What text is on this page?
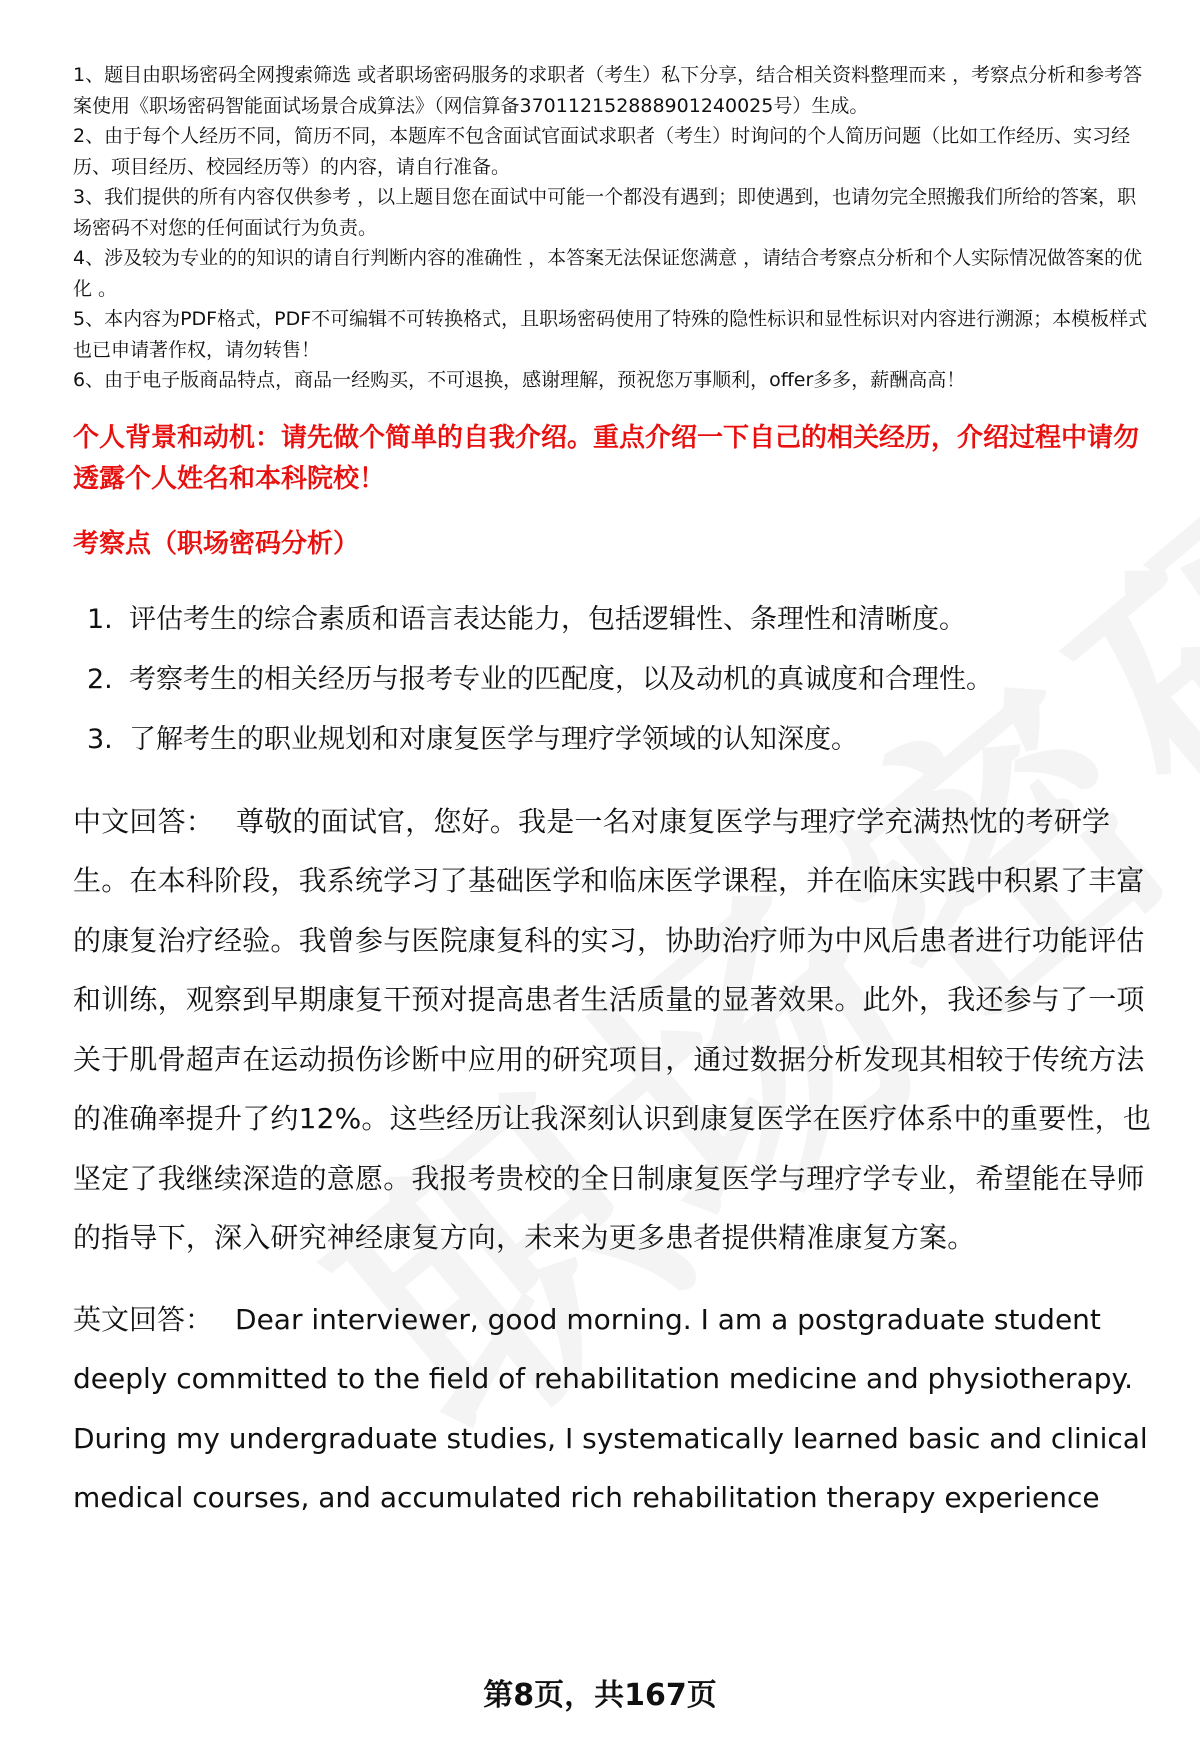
1、题目由职场密码全网搜索筛选 或者职场密码服务的求职者（考生）私下分享，结合相关资料整理而来 ，考察点分析和参考答案使用《职场密码智能面试场景合成算法》（网信算备370112152888901240025号）生成。
2、由于每个人经历不同，简历不同，本题库不包含面试官面试求职者（考生）时询问的个人简历问题（比如工作经历、实习经历、项目经历、校园经历等）的内容，请自行准备。
3、我们提供的所有内容仅供参考 ，以上题目您在面试中可能一个都没有遇到；即使遇到，也请勿完全照搬我们所给的答案，职场密码不对您的任何面试行为负责。
4、涉及较为专业的的知识的请自行判断内容的准确性 ，本答案无法保证您满意 ，请结合考察点分析和个人实际情况做答案的优化 。
5、本内容为PDF格式，PDF不可编辑不可转换格式，且职场密码使用了特殊的隐性标识和显性标识对内容进行溯源；本模板样式也已申请著作权，请勿转售！
6、由于电子版商品特点，商品一经购买，不可退换，感谢理解，预祝您万事顺利，offer多多，薪酬高高！

个人背景和动机：请先做个简单的自我介绍。重点介绍一下自己的相关经历，介绍过程中请勿透露个人姓名和本科院校！

考察点（职场密码分析）

1. 评估考生的综合素质和语言表达能力，包括逻辑性、条理性和清晰度。
2. 考察考生的相关经历与报考专业的匹配度，以及动机的真诚度和合理性。
3. 了解考生的职业规划和对康复医学与理疗学领域的认知深度。

中文回答： 尊敬的面试官，您好。我是一名对康复医学与理疗学充满热忱的考研学生。在本科阶段，我系统学习了基础医学和临床医学课程，并在临床实践中积累了丰富的康复治疗经验。我曾参与医院康复科的实习，协助治疗师为中风后患者进行功能评估和训练，观察到早期康复干预对提高患者生活质量的显著效果。此外，我还参与了一项关于肌骨超声在运动损伤诊断中应用的研究项目，通过数据分析发现其相较于传统方法的准确率提升了约12%。这些经历让我深刻认识到康复医学在医疗体系中的重要性，也坚定了我继续深造的意愿。我报考贵校的全日制康复医学与理疗学专业，希望能在导师的指导下，深入研究神经康复方向，未来为更多患者提供精准康复方案。

英文回答： Dear interviewer, good morning. I am a postgraduate student deeply committed to the field of rehabilitation medicine and physiotherapy. During my undergraduate studies, I systematically learned basic and clinical medical courses, and accumulated rich rehabilitation therapy experience

第8页，共167页
